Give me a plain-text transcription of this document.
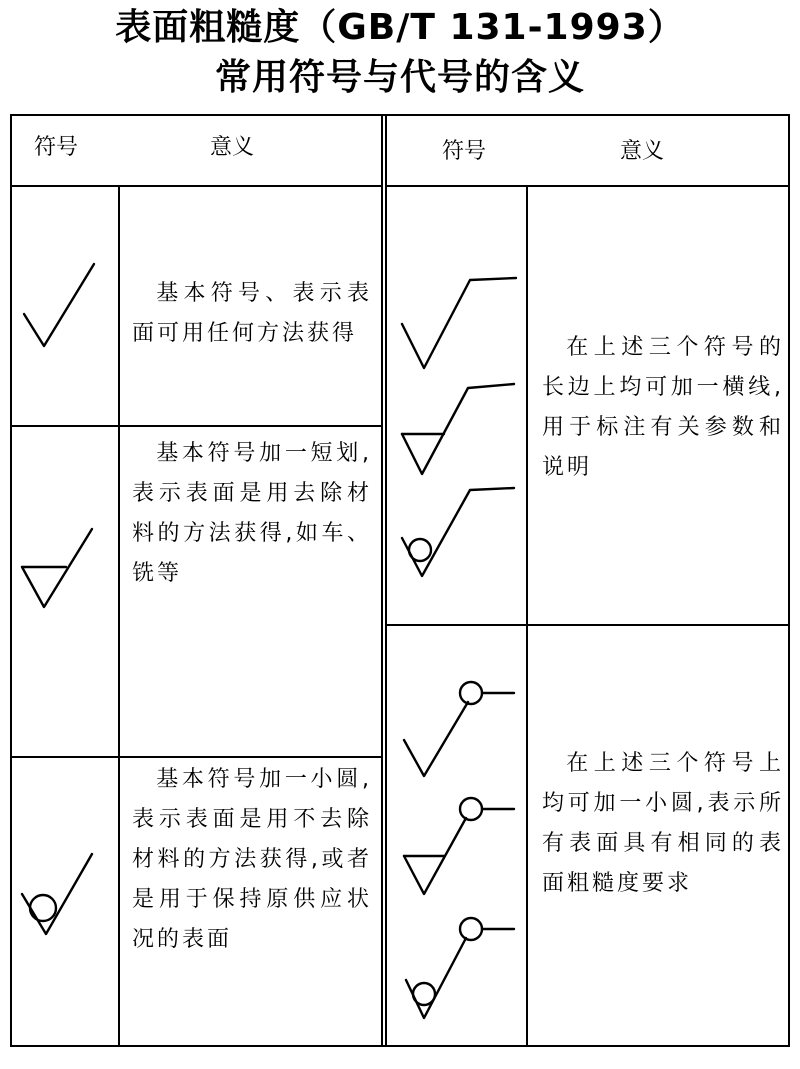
表面粗糙度（GB/T 131-1993）
常用符号与代号的含义
符号	意义	符号	意义
基本符号、表示表面可用任何方法获得
基本符号加一短划,表示表面是用去除材料的方法获得,如车、铣等
基本符号加一小圆,表示表面是用不去除材料的方法获得,或者是用于保持原供应状况的表面
在上述三个符号的长边上均可加一横线,用于标注有关参数和说明
在上述三个符号上均可加一小圆,表示所有表面具有相同的表面粗糙度要求
